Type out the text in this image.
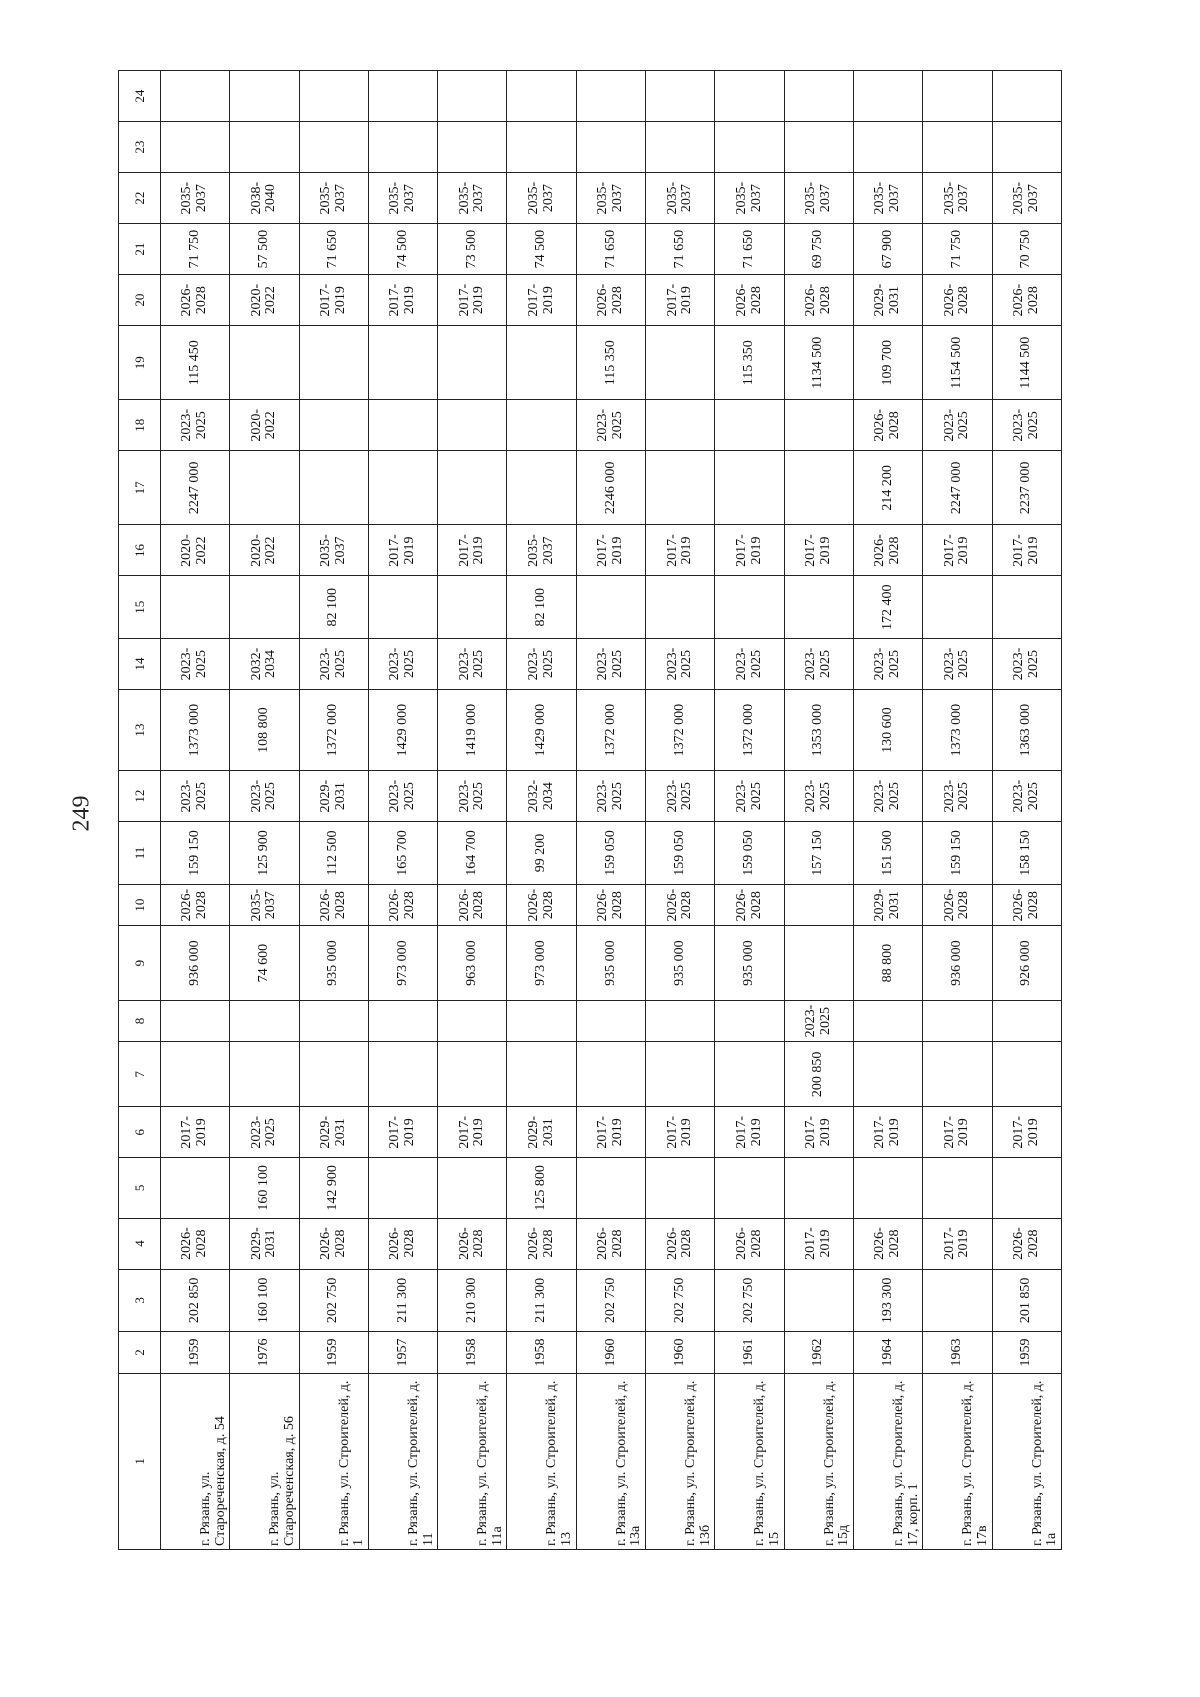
249
1	2	3	4	5	6	7	8	9	10	11	12	13	14	15	16	17	18	19	20	21	22	23	24
г. Рязань, ул. Старореченская, д. 54	1959	202 850	2026-
2028		2017-
2019			936 000	2026-
2028	159 150	2023-
2025	1373 000	2023-
2025		2020-
2022	2247 000	2023-
2025	115 450	2026-
2028	71 750	2035-
2037		
г. Рязань, ул. Старореченская, д. 56	1976	160 100	2029-
2031	160 100	2023-
2025			74 600	2035-
2037	125 900	2023-
2025	108 800	2032-
2034		2020-
2022		2020-
2022		2020-
2022	57 500	2038-
2040		
г. Рязань, ул. Строителей, д. 1	1959	202 750	2026-
2028	142 900	2029-
2031			935 000	2026-
2028	112 500	2029-
2031	1372 000	2023-
2025	82 100	2035-
2037				2017-
2019	71 650	2035-
2037		
г. Рязань, ул. Строителей, д. 11	1957	211 300	2026-
2028		2017-
2019			973 000	2026-
2028	165 700	2023-
2025	1429 000	2023-
2025		2017-
2019				2017-
2019	74 500	2035-
2037		
г. Рязань, ул. Строителей, д. 11а	1958	210 300	2026-
2028		2017-
2019			963 000	2026-
2028	164 700	2023-
2025	1419 000	2023-
2025		2017-
2019				2017-
2019	73 500	2035-
2037		
г. Рязань, ул. Строителей, д. 13	1958	211 300	2026-
2028	125 800	2029-
2031			973 000	2026-
2028	99 200	2032-
2034	1429 000	2023-
2025	82 100	2035-
2037				2017-
2019	74 500	2035-
2037		
г. Рязань, ул. Строителей, д. 13а	1960	202 750	2026-
2028		2017-
2019			935 000	2026-
2028	159 050	2023-
2025	1372 000	2023-
2025		2017-
2019	2246 000	2023-
2025	115 350	2026-
2028	71 650	2035-
2037		
г. Рязань, ул. Строителей, д. 13б	1960	202 750	2026-
2028		2017-
2019			935 000	2026-
2028	159 050	2023-
2025	1372 000	2023-
2025		2017-
2019				2017-
2019	71 650	2035-
2037		
г. Рязань, ул. Строителей, д. 15	1961	202 750	2026-
2028		2017-
2019			935 000	2026-
2028	159 050	2023-
2025	1372 000	2023-
2025		2017-
2019			115 350	2026-
2028	71 650	2035-
2037		
г. Рязань, ул. Строителей, д. 15д	1962		2017-
2019		2017-
2019	200 850	2023-
2025			157 150	2023-
2025	1353 000	2023-
2025		2017-
2019			1134 500	2026-
2028	69 750	2035-
2037		
г. Рязань, ул. Строителей, д. 17, корп. 1	1964	193 300	2026-
2028		2017-
2019			88 800	2029-
2031	151 500	2023-
2025	130 600	2023-
2025	172 400	2026-
2028	214 200	2026-
2028	109 700	2029-
2031	67 900	2035-
2037		
г. Рязань, ул. Строителей, д. 17в	1963		2017-
2019		2017-
2019			936 000	2026-
2028	159 150	2023-
2025	1373 000	2023-
2025		2017-
2019	2247 000	2023-
2025	1154 500	2026-
2028	71 750	2035-
2037		
г. Рязань, ул. Строителей, д. 1а	1959	201 850	2026-
2028		2017-
2019			926 000	2026-
2028	158 150	2023-
2025	1363 000	2023-
2025		2017-
2019	2237 000	2023-
2025	1144 500	2026-
2028	70 750	2035-
2037		
